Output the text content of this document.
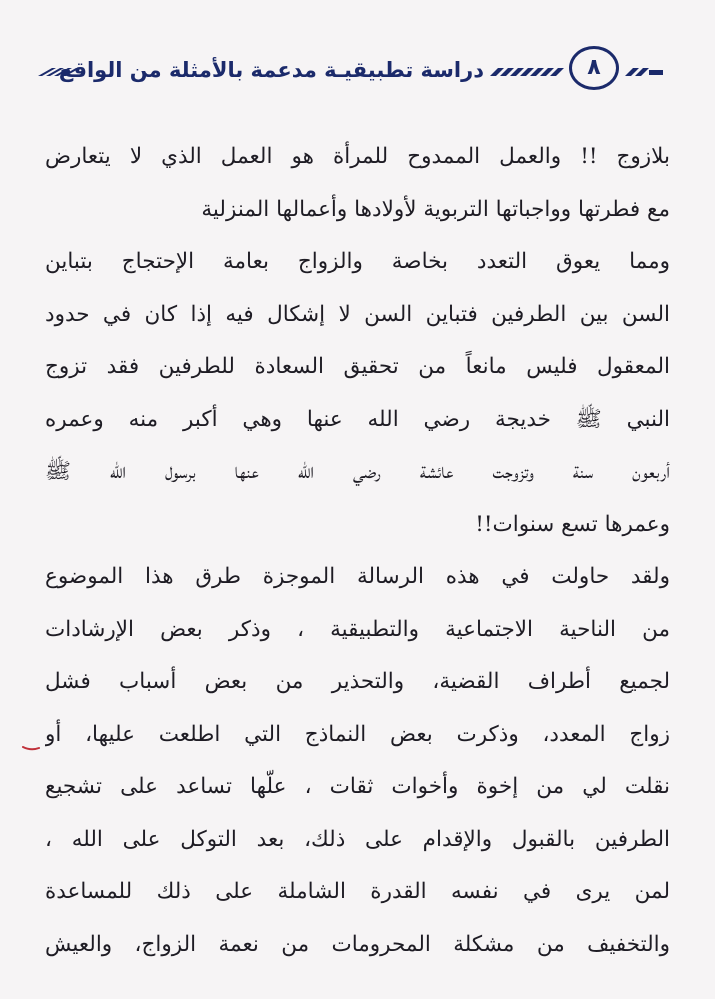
دراسة تطبيقيـة مدعمة بالأمثلة من الواقع	٨
بلازوج !! والعمل الممدوح للمرأة هو العمل الذي لا يتعارض
مع فطرتها وواجباتها التربوية لأولادها وأعمالها المنزلية
ومما يعوق التعدد بخاصة والزواج بعامة الإحتجاج بتباين
السن بين الطرفين فتباين السن لا إشكال فيه إذا كان في حدود
المعقول فليس مانعاً من تحقيق السعادة للطرفين فقد تزوج
النبي ﷺ خديجة رضي الله عنها وهي أكبر منه وعمره
أربعون سنة وتزوجت عائشة رضي الله عنها برسول الله ﷺ
وعمرها تسع سنوات!!
ولقد حاولت في هذه الرسالة الموجزة طرق هذا الموضوع
من الناحية الاجتماعية والتطبيقية ، وذكر بعض الإرشادات
لجميع أطراف القضية، والتحذير من بعض أسباب فشل
زواج المعدد، وذكرت بعض النماذج التي اطلعت عليها، أو
نقلت لي من إخوة وأخوات ثقات ، علّها تساعد على تشجيع
الطرفين بالقبول والإقدام على ذلك، بعد التوكل على الله ،
لمن يرى في نفسه القدرة الشاملة على ذلك للمساعدة
والتخفيف من مشكلة المحرومات من نعمة الزواج، والعيش
